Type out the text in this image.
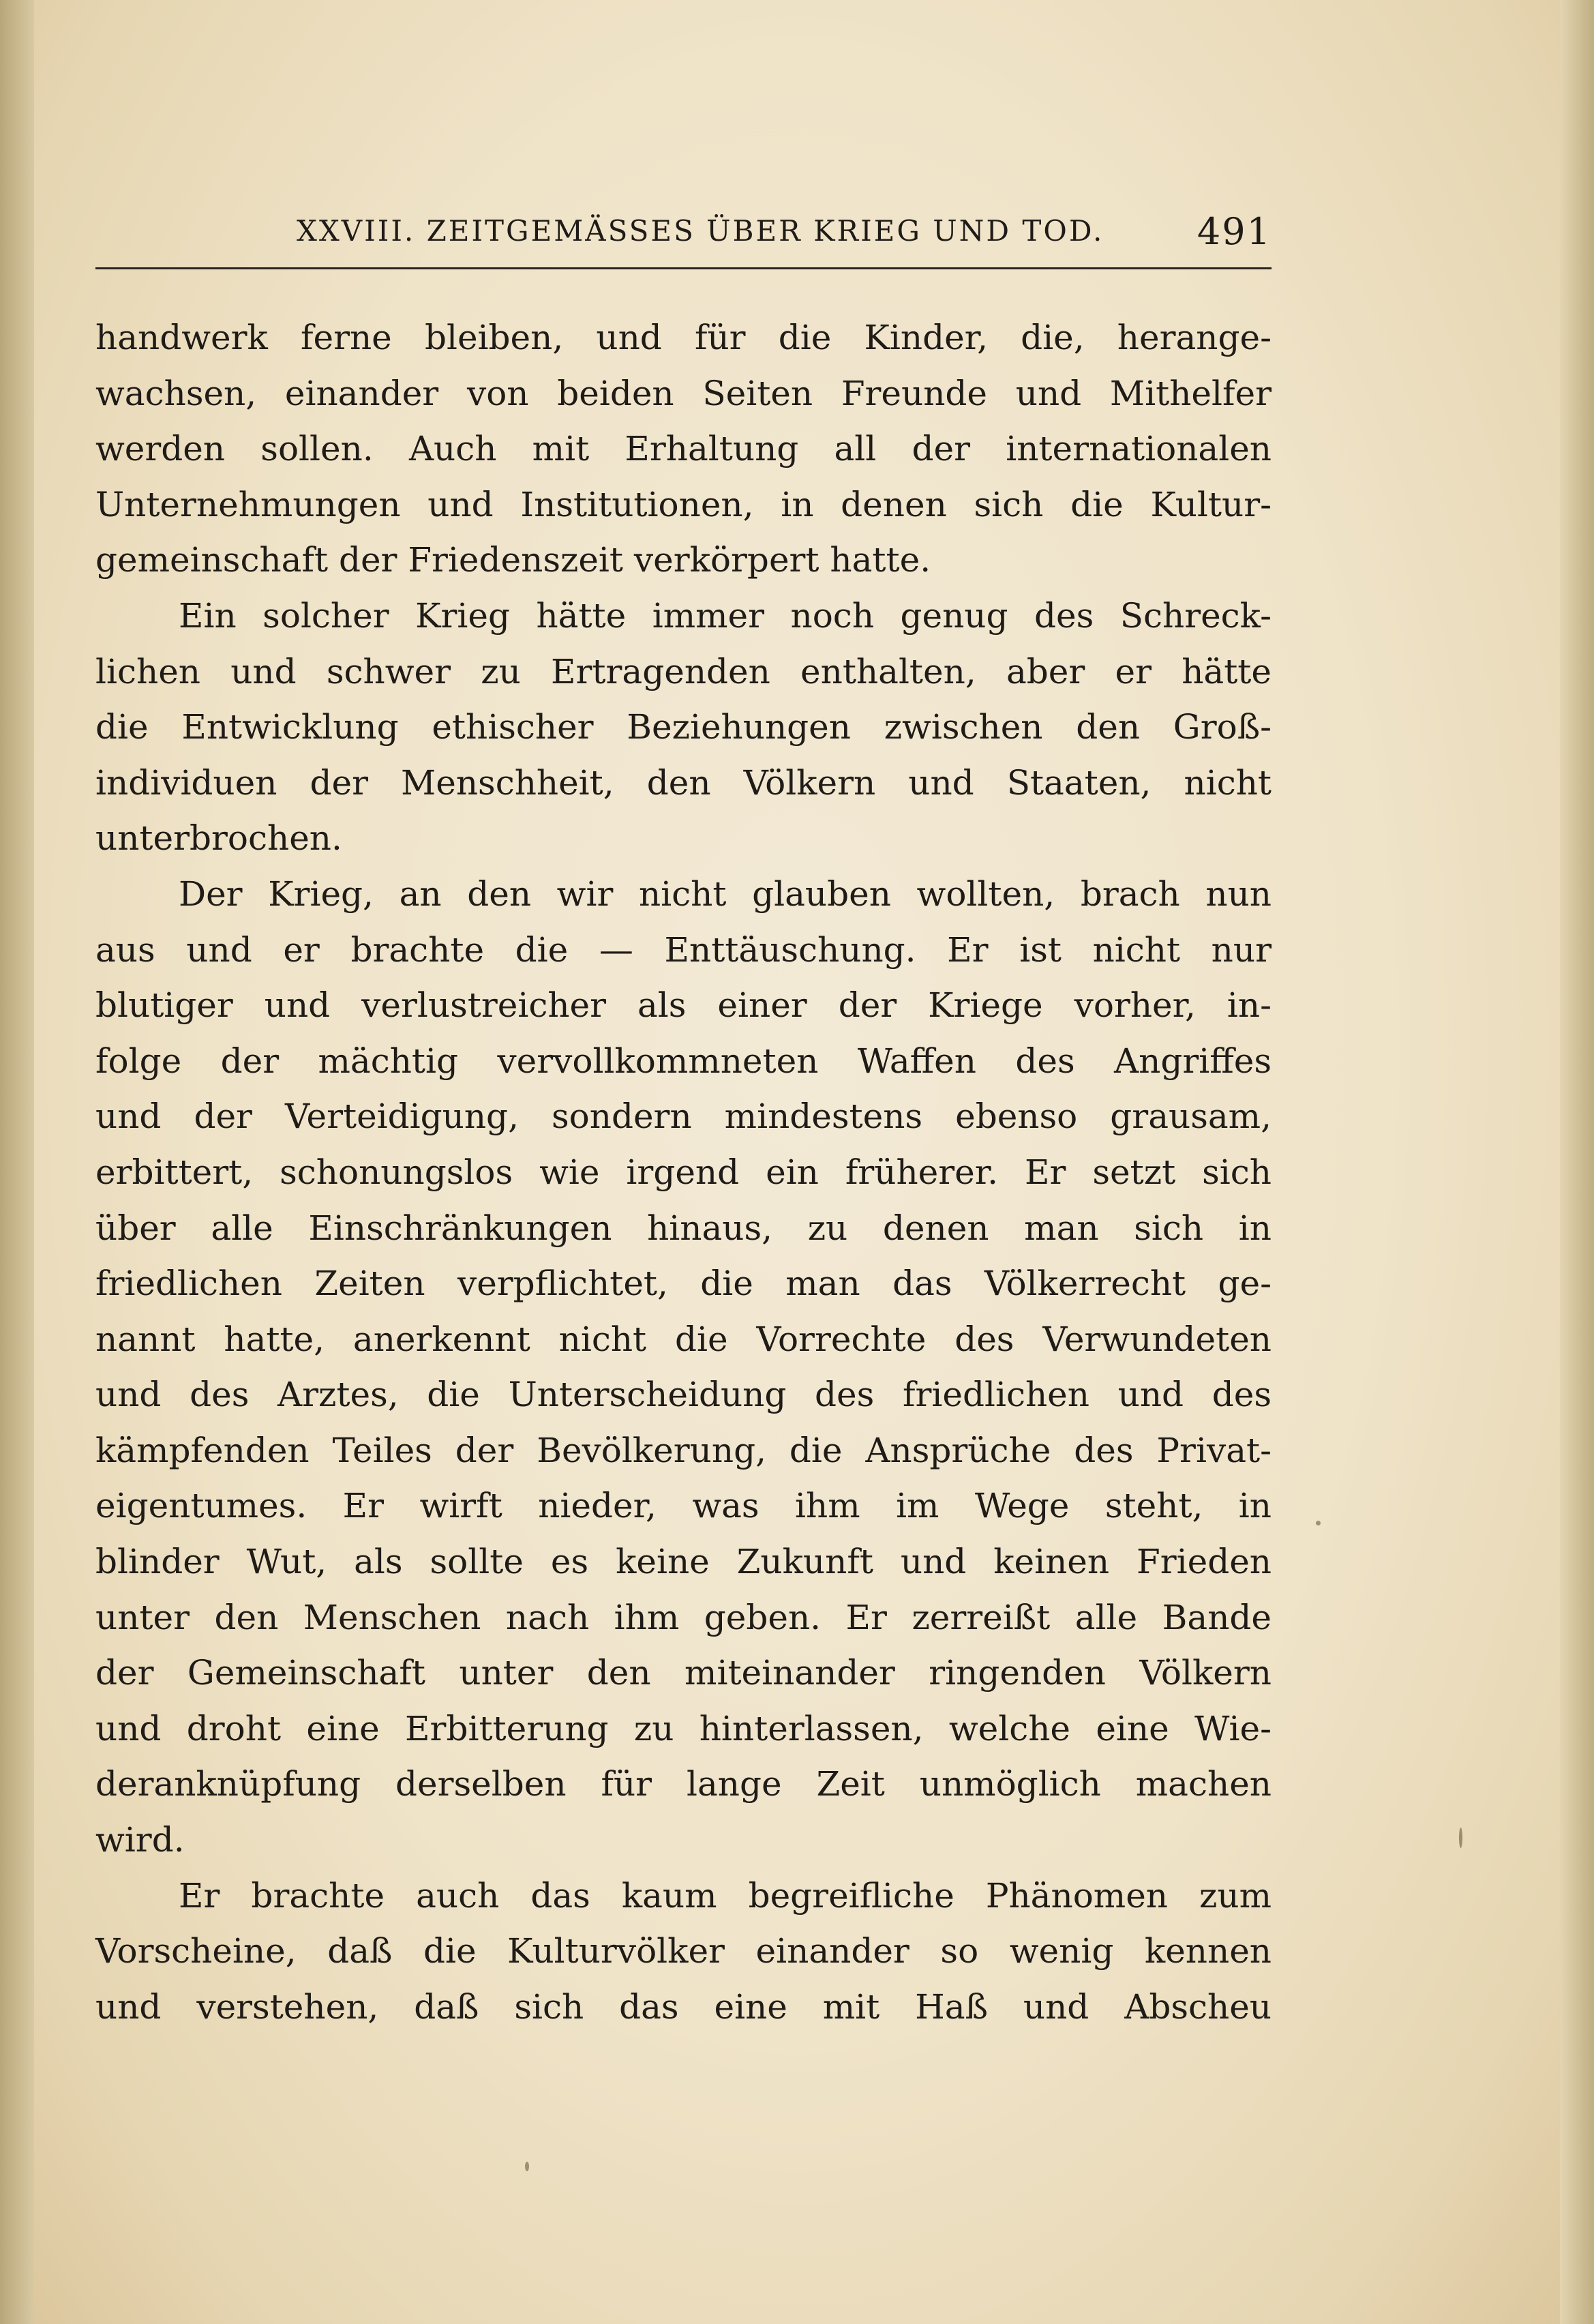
XXVIII. ZEITGEMÄSSES ÜBER KRIEG UND TOD.	491
handwerk ferne bleiben, und für die Kinder, die, herange-
wachsen, einander von beiden Seiten Freunde und Mithelfer
werden sollen. Auch mit Erhaltung all der internationalen
Unternehmungen und Institutionen, in denen sich die Kultur-
gemeinschaft der Friedenszeit verkörpert hatte.
Ein solcher Krieg hätte immer noch genug des Schreck-
lichen und schwer zu Ertragenden enthalten, aber er hätte
die Entwicklung ethischer Beziehungen zwischen den Groß-
individuen der Menschheit, den Völkern und Staaten, nicht
unterbrochen.
Der Krieg, an den wir nicht glauben wollten, brach nun
aus und er brachte die — Enttäuschung. Er ist nicht nur
blutiger und verlustreicher als einer der Kriege vorher, in-
folge der mächtig vervollkommneten Waffen des Angriffes
und der Verteidigung, sondern mindestens ebenso grausam,
erbittert, schonungslos wie irgend ein früherer. Er setzt sich
über alle Einschränkungen hinaus, zu denen man sich in
friedlichen Zeiten verpflichtet, die man das Völkerrecht ge-
nannt hatte, anerkennt nicht die Vorrechte des Verwundeten
und des Arztes, die Unterscheidung des friedlichen und des
kämpfenden Teiles der Bevölkerung, die Ansprüche des Privat-
eigentumes. Er wirft nieder, was ihm im Wege steht, in
blinder Wut, als sollte es keine Zukunft und keinen Frieden
unter den Menschen nach ihm geben. Er zerreißt alle Bande
der Gemeinschaft unter den miteinander ringenden Völkern
und droht eine Erbitterung zu hinterlassen, welche eine Wie-
deranknüpfung derselben für lange Zeit unmöglich machen
wird.
Er brachte auch das kaum begreifliche Phänomen zum
Vorscheine, daß die Kulturvölker einander so wenig kennen
und verstehen, daß sich das eine mit Haß und Abscheu
